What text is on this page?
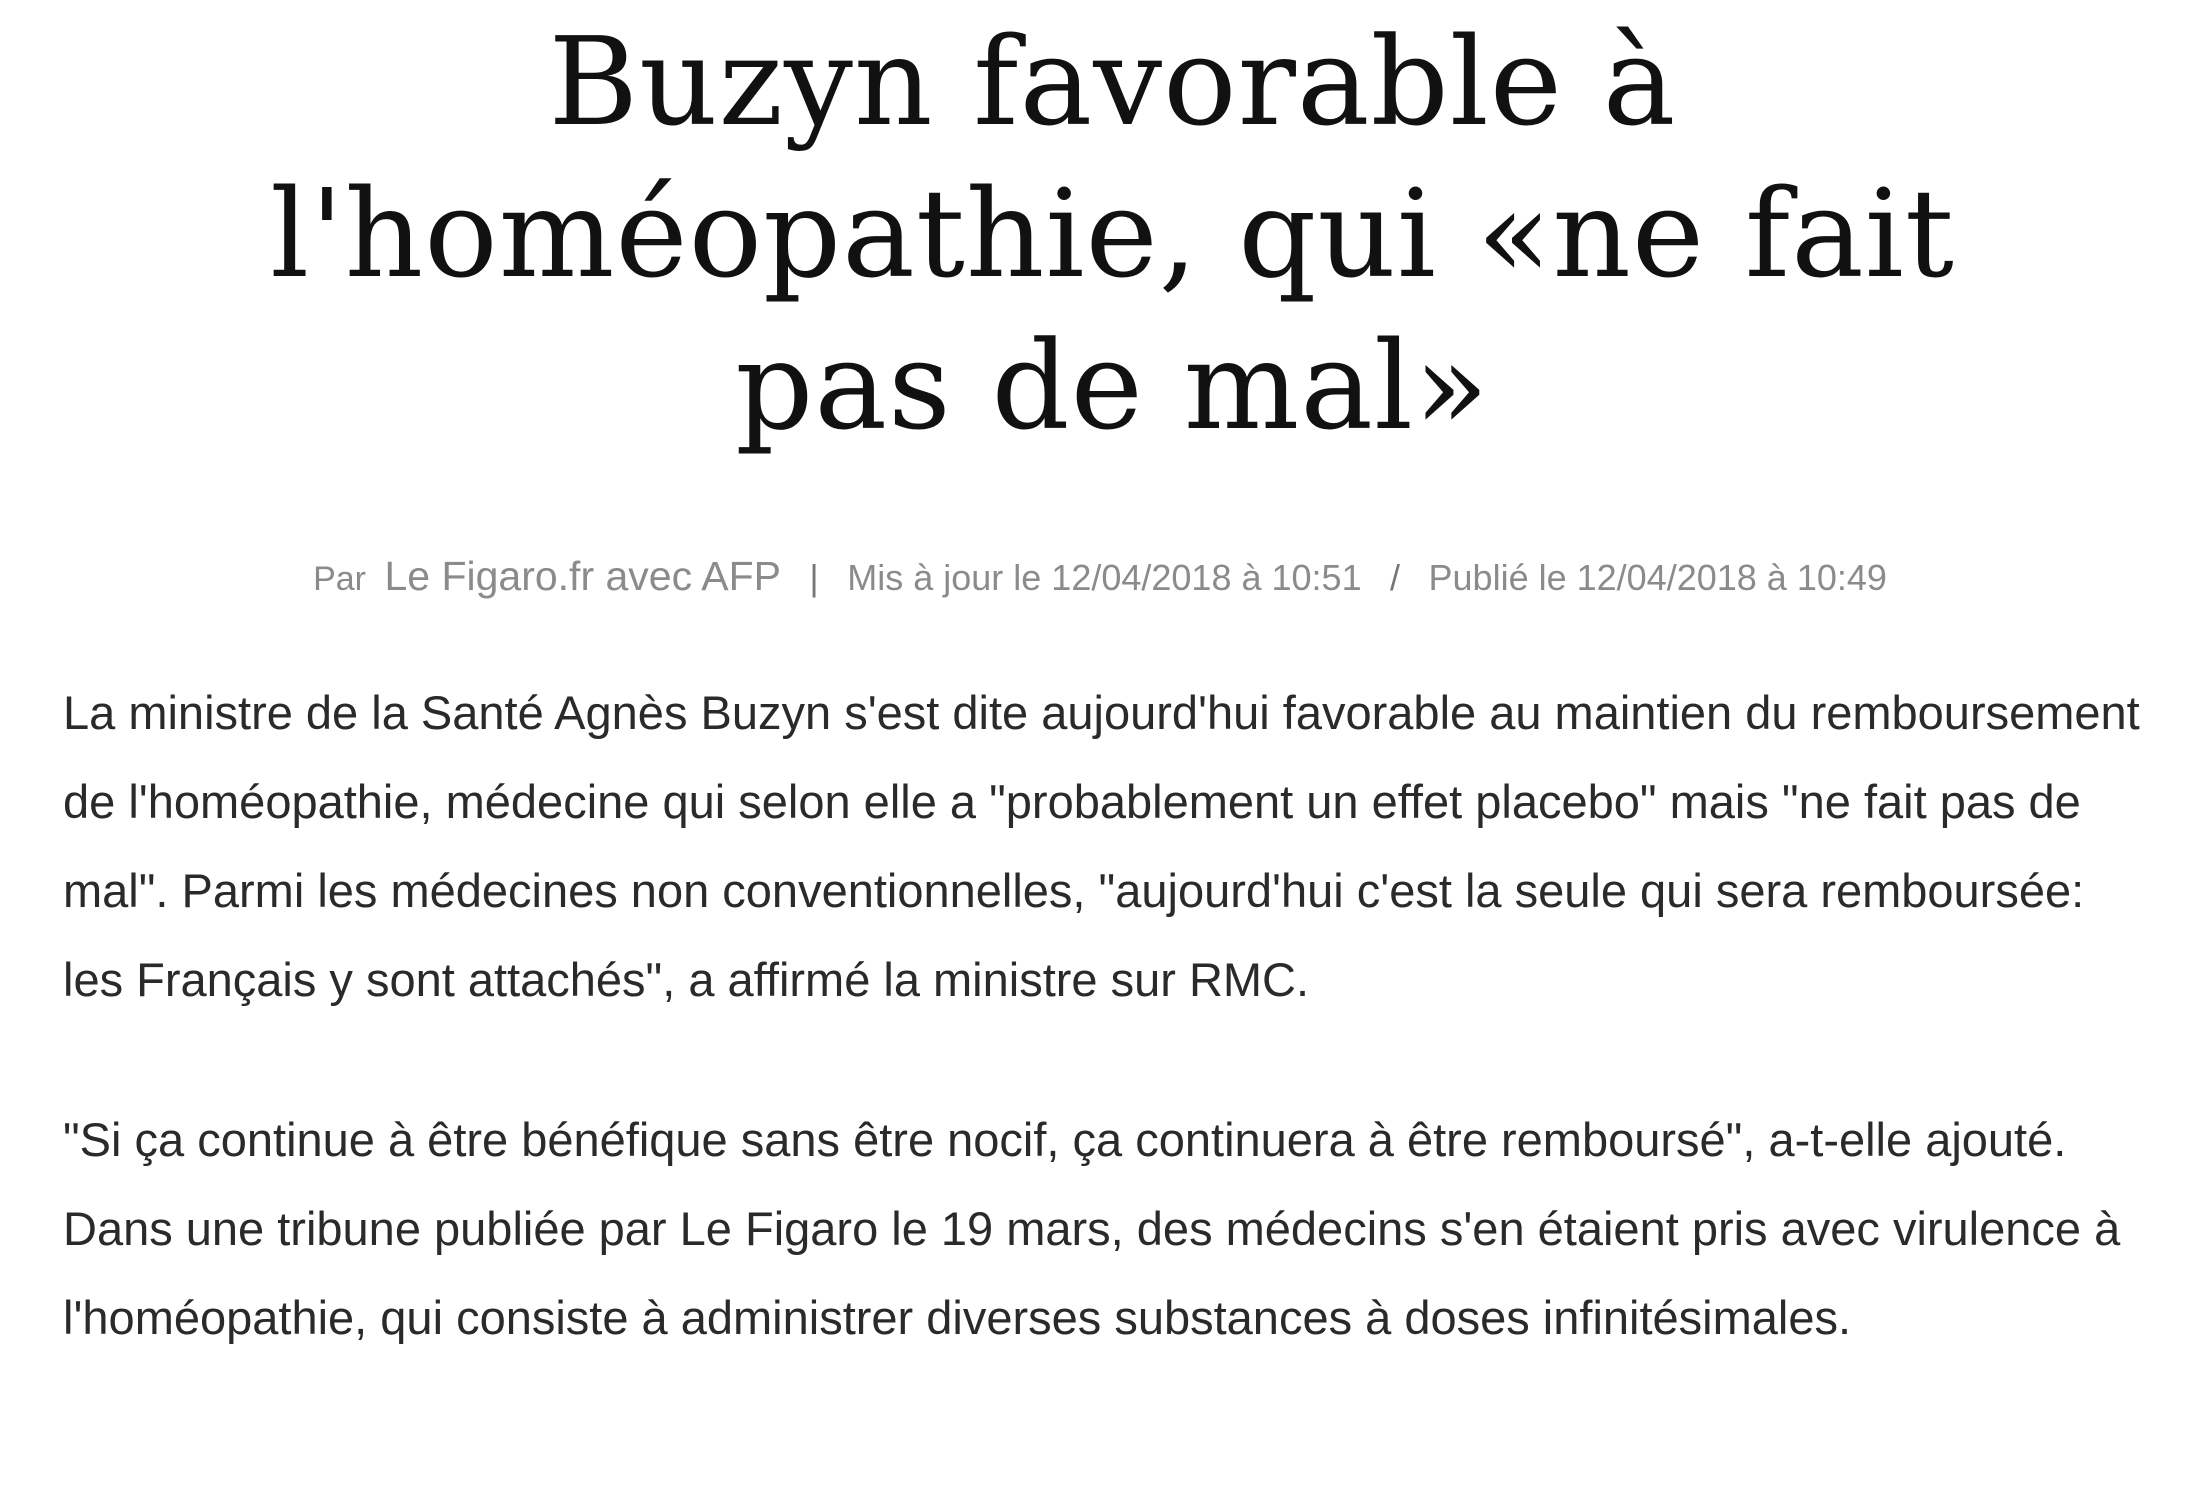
Buzyn favorable à l'homéopathie, qui «ne fait pas de mal»
Par Le Figaro.fr avec AFP | Mis à jour le 12/04/2018 à 10:51 / Publié le 12/04/2018 à 10:49

La ministre de la Santé Agnès Buzyn s'est dite aujourd'hui favorable au maintien du remboursement de l'homéopathie, médecine qui selon elle a "probablement un effet placebo" mais "ne fait pas de mal". Parmi les médecines non conventionnelles, "aujourd'hui c'est la seule qui sera remboursée: les Français y sont attachés", a affirmé la ministre sur RMC.

"Si ça continue à être bénéfique sans être nocif, ça continuera à être remboursé", a-t-elle ajouté. Dans une tribune publiée par Le Figaro le 19 mars, des médecins s'en étaient pris avec virulence à l'homéopathie, qui consiste à administrer diverses substances à doses infinitésimales.
